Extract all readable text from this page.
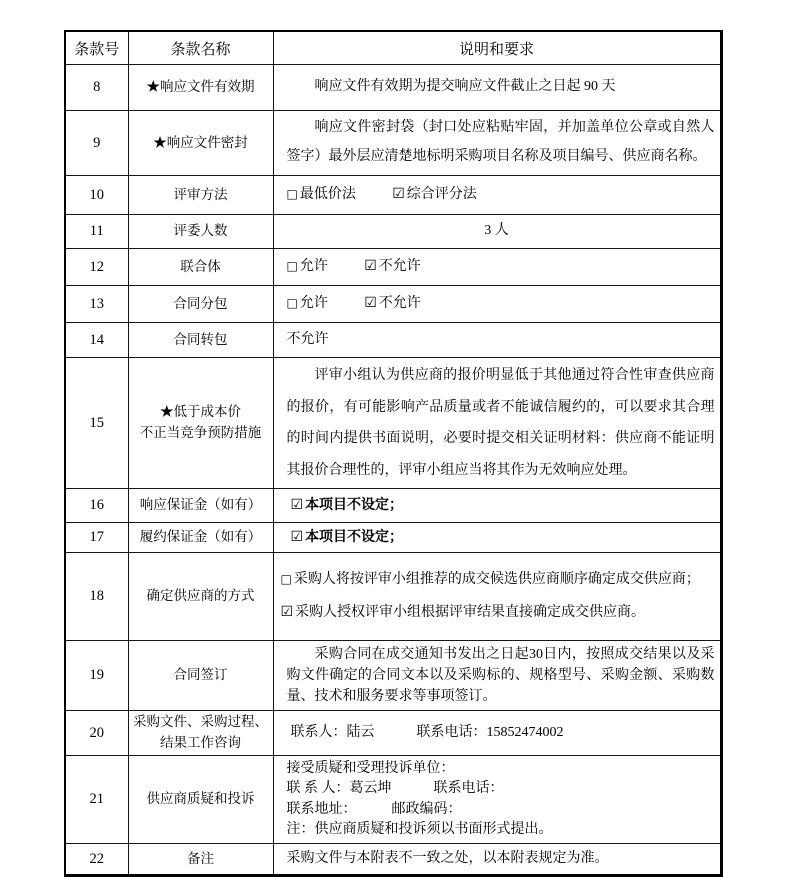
条款号	条款名称	说明和要求
8	★响应文件有效期	响应文件有效期为提交响应文件截止之日起 90 天

9	★响应文件密封	响应文件密封袋（封口处应粘贴牢固，并加盖单位公章或自然人签字）最外层应清楚地标明采购项目名称及项目编号、供应商名称。

10	评审方法	□ 最低价法 ☑ 综合评分法

11	评委人数	3 人

12	联合体	□ 允许 ☑ 不允许

13	合同分包	□ 允许 ☑ 不允许

14	合同转包	不允许

15	★低于成本价
不正当竞争预防措施	评审小组认为供应商的报价明显低于其他通过符合性审查供应商的报价，有可能影响产品质量或者不能诚信履约的，可以要求其合理的时间内提供书面说明，必要时提交相关证明材料：供应商不能证明其报价合理性的，评审小组应当将其作为无效响应处理。

16	响应保证金（如有）	☑ 本项目不设定；

17	履约保证金（如有）	☑ 本项目不设定；

18	确定供应商的方式	□ 采购人将按评审小组推荐的成交候选供应商顺序确定成交供应商；
☑ 采购人授权评审小组根据评审结果直接确定成交供应商。

19	合同签订	采购合同在成交通知书发出之日起30日内，按照成交结果以及采购文件确定的合同文本以及采购标的、规格型号、采购金额、采购数量、技术和服务要求等事项签订。

20	采购文件、采购过程、
结果工作咨询	联系人：陆云　　　联系电话：15852474002

21	供应商质疑和投诉	接受质疑和受理投诉单位：
联 系 人：葛云坤　　　联系电话：
联系地址：　　　邮政编码：
注：供应商质疑和投诉须以书面形式提出。

22	备注	采购文件与本附表不一致之处，以本附表规定为准。
